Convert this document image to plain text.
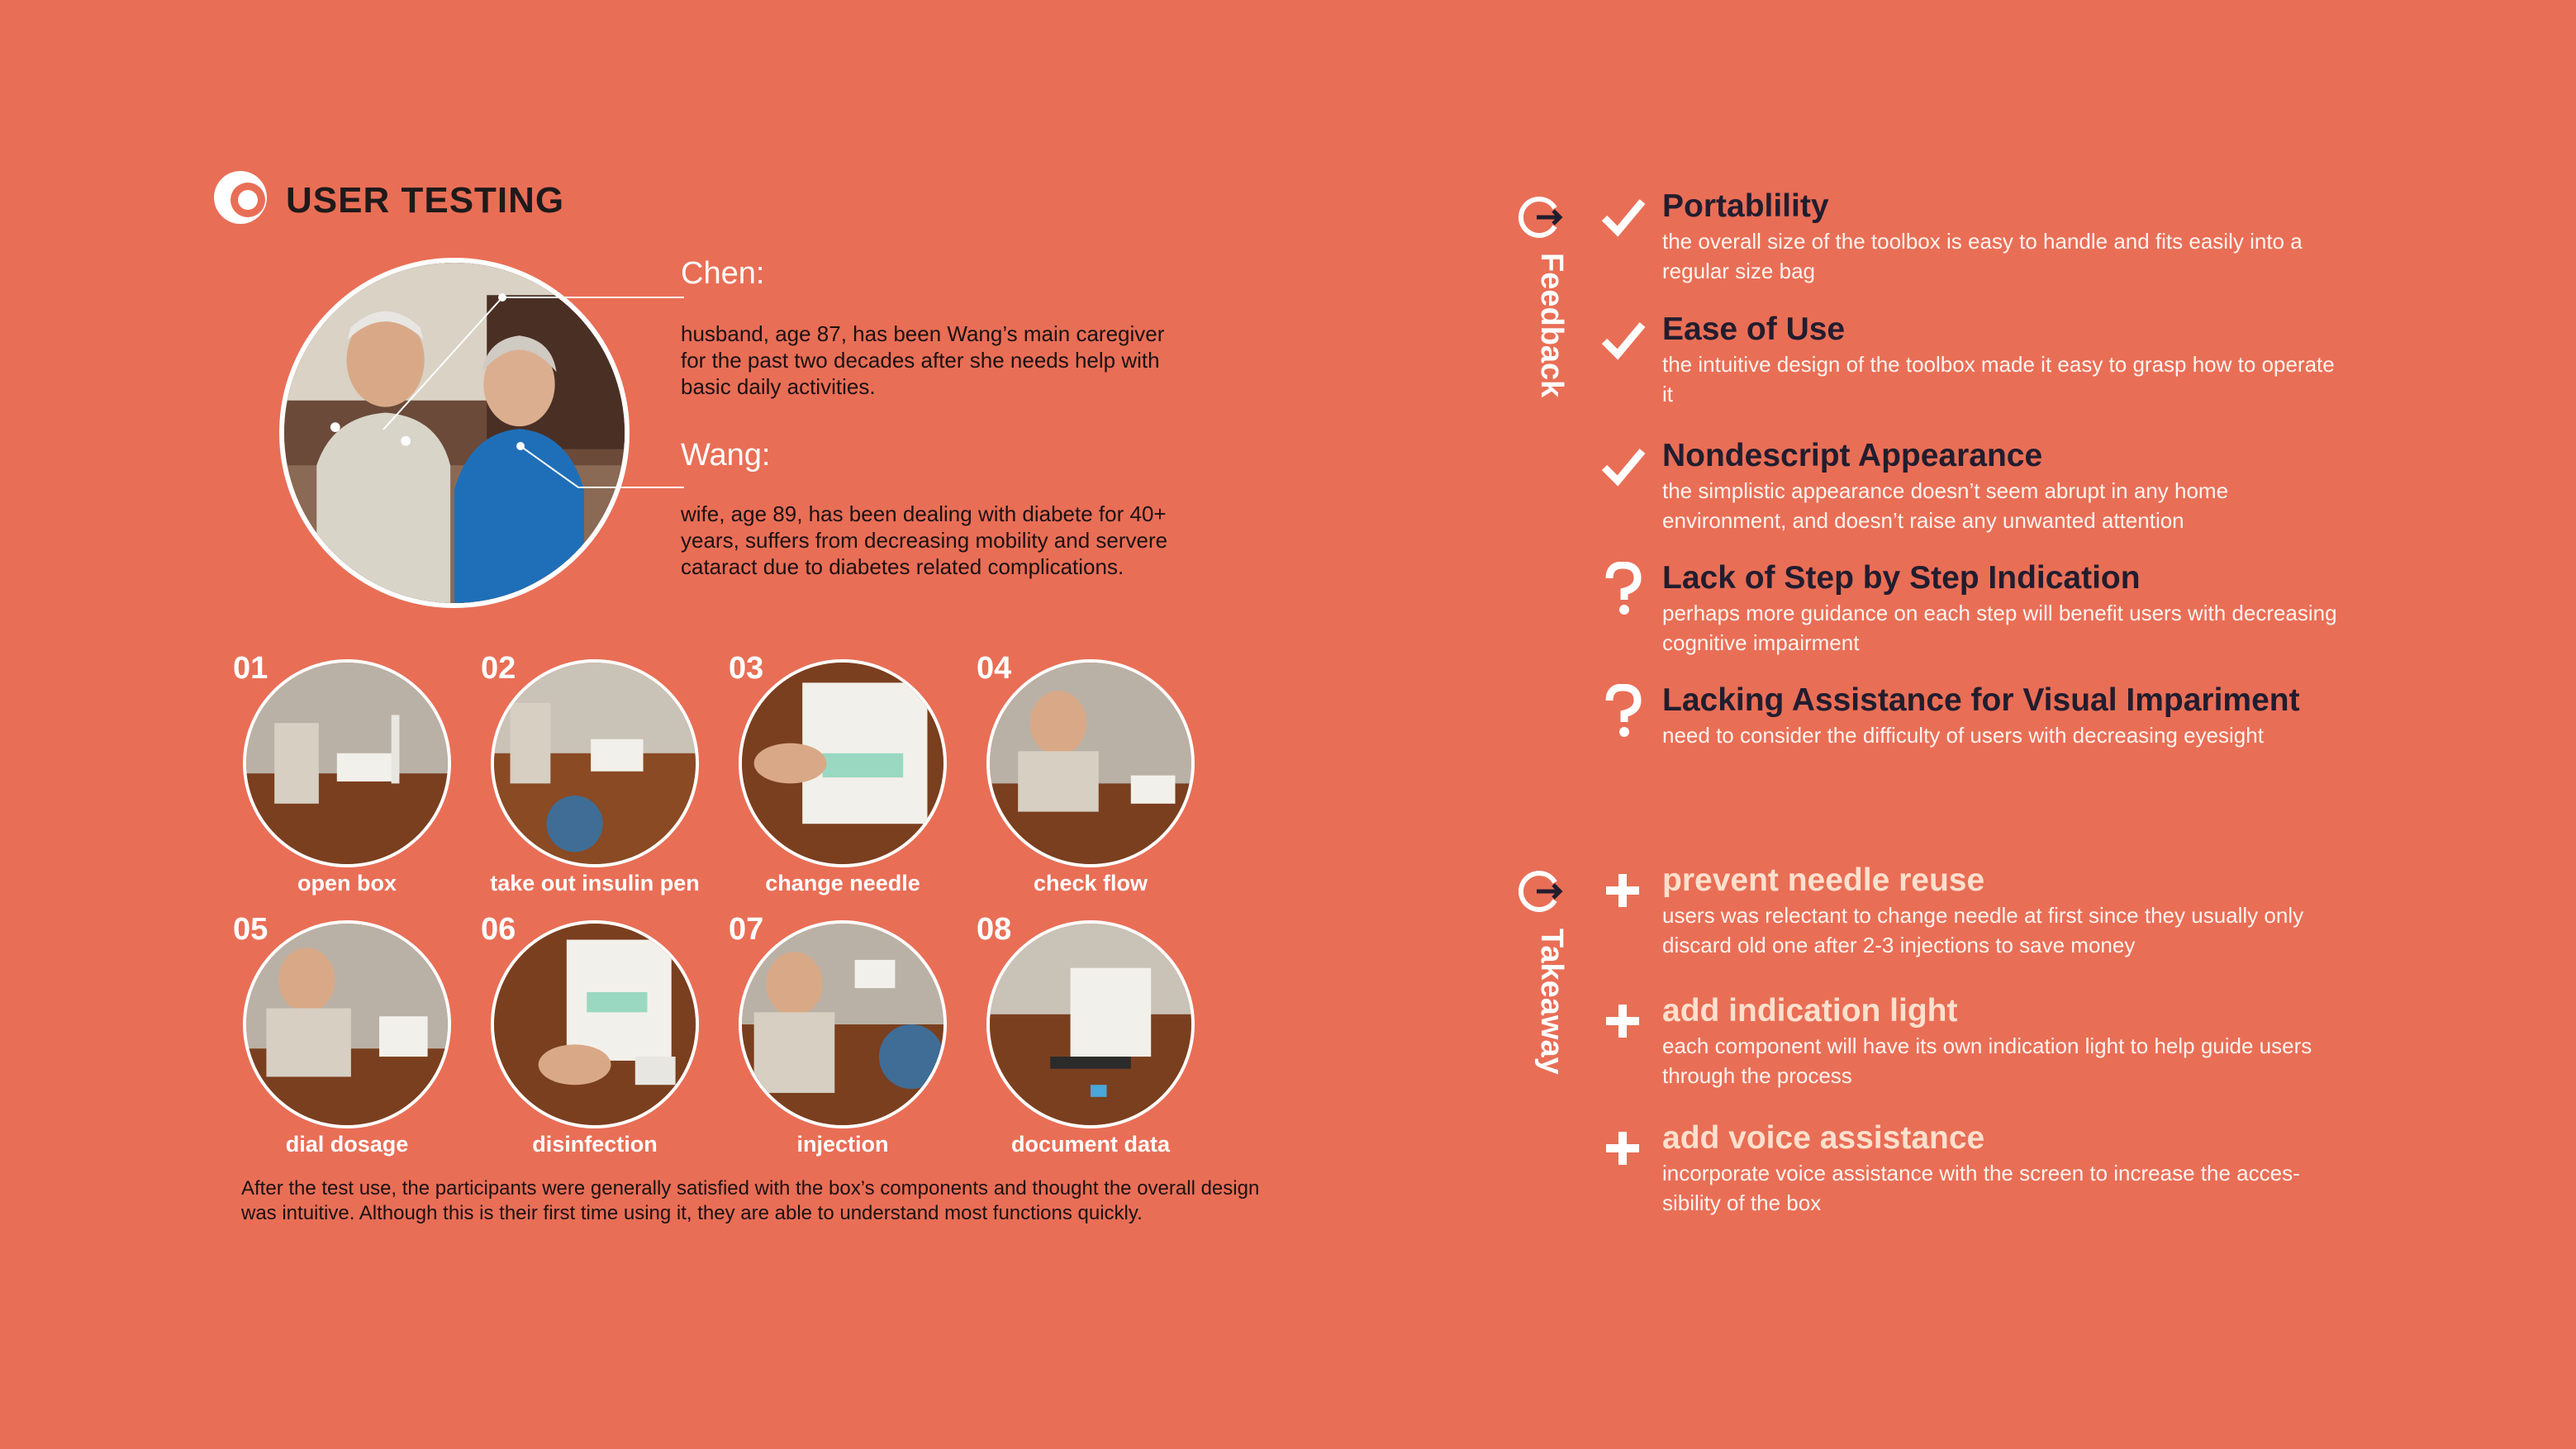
USER TESTING
Chen:
husband, age 87, has been Wang’s main caregiver for the past two decades after she needs help with basic daily activities.
Wang:
wife, age 89, has been dealing with diabete for 40+ years, suffers from decreasing mobility and servere cataract due to diabetes related complications.
01
open box
02
take out insulin pen
03
change needle
04
check flow
05
dial dosage
06
disinfection
07
injection
08
document data
After the test use, the participants were generally satisfied with the box’s components and thought the overall design was intuitive. Although this is their first time using it, they are able to understand most functions quickly.
Feedback
Portablility
the overall size of the toolbox is easy to handle and fits easily into a regular size bag
Ease of Use
the intuitive design of the toolbox made it easy to grasp how to operate it
Nondescript Appearance
the simplistic appearance doesn’t seem abrupt in any home environment, and doesn’t raise any unwanted attention
Lack of Step by Step Indication
perhaps more guidance on each step will benefit users with decreasing cognitive impairment
Lacking Assistance for Visual Impariment
need to consider the difficulty of users with decreasing eyesight
Takeaway
prevent needle reuse
users was relectant to change needle at first since they usually only discard old one after 2-3 injections to save money
add indication light
each component will have its own indication light to help guide users through the process
add voice assistance
incorporate voice assistance with the screen to increase the acces-sibility of the box
